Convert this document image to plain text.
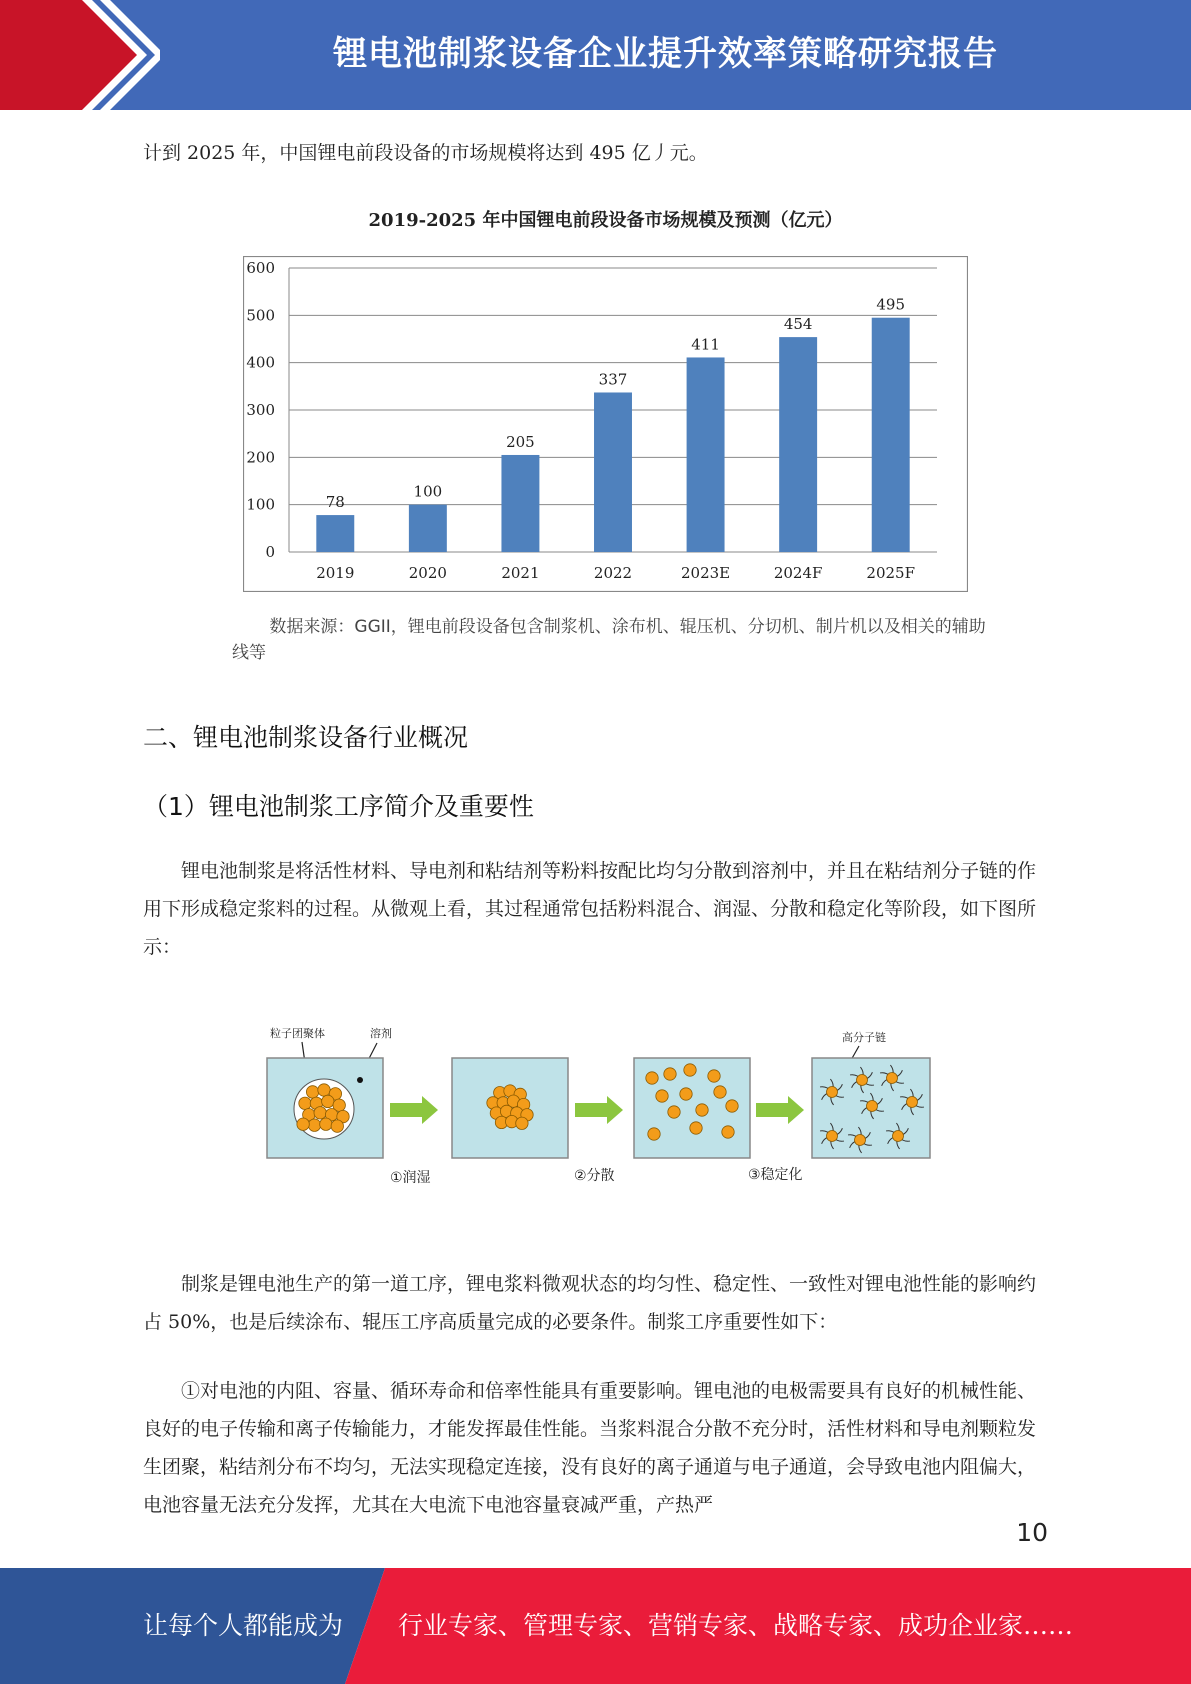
锂电池制浆设备企业提升效率策略研究报告

计到 2025 年，中国锂电前段设备的市场规模将达到 495 亿丿元。

2019-2025 年中国锂电前段设备市场规模及预测（亿元）
0
100
200
300
400
500
600
78
2019
100
2020
205
2021
337
2022
411
2023E
454
2024F
495
2025F

数据来源：GGII，锂电前段设备包含制浆机、涂布机、辊压机、分切机、制片机以及相关的辅助线等

二、锂电池制浆设备行业概况
（1）锂电池制浆工序简介及重要性

锂电池制浆是将活性材料、导电剂和粘结剂等粉料按配比均匀分散到溶剂中，并且在粘结剂分子链的作用下形成稳定浆料的过程。从微观上看，其过程通常包括粉料混合、润湿、分散和稳定化等阶段，如下图所示：

粒子团聚体	溶剂	高分子链
①润湿	②分散	③稳定化

制浆是锂电池生产的第一道工序，锂电浆料微观状态的均匀性、稳定性、一致性对锂电池性能的影响约占 50%，也是后续涂布、辊压工序高质量完成的必要条件。制浆工序重要性如下：

①对电池的内阻、容量、循环寿命和倍率性能具有重要影响。锂电池的电极需要具有良好的机械性能、良好的电子传输和离子传输能力，才能发挥最佳性能。当浆料混合分散不充分时，活性材料和导电剂颗粒发生团聚，粘结剂分布不均匀，无法实现稳定连接，没有良好的离子通道与电子通道，会导致电池内阻偏大，电池容量无法充分发挥，尤其在大电流下电池容量衰减严重，产热严

10
让每个人都能成为 行业专家、管理专家、营销专家、战略专家、成功企业家……
